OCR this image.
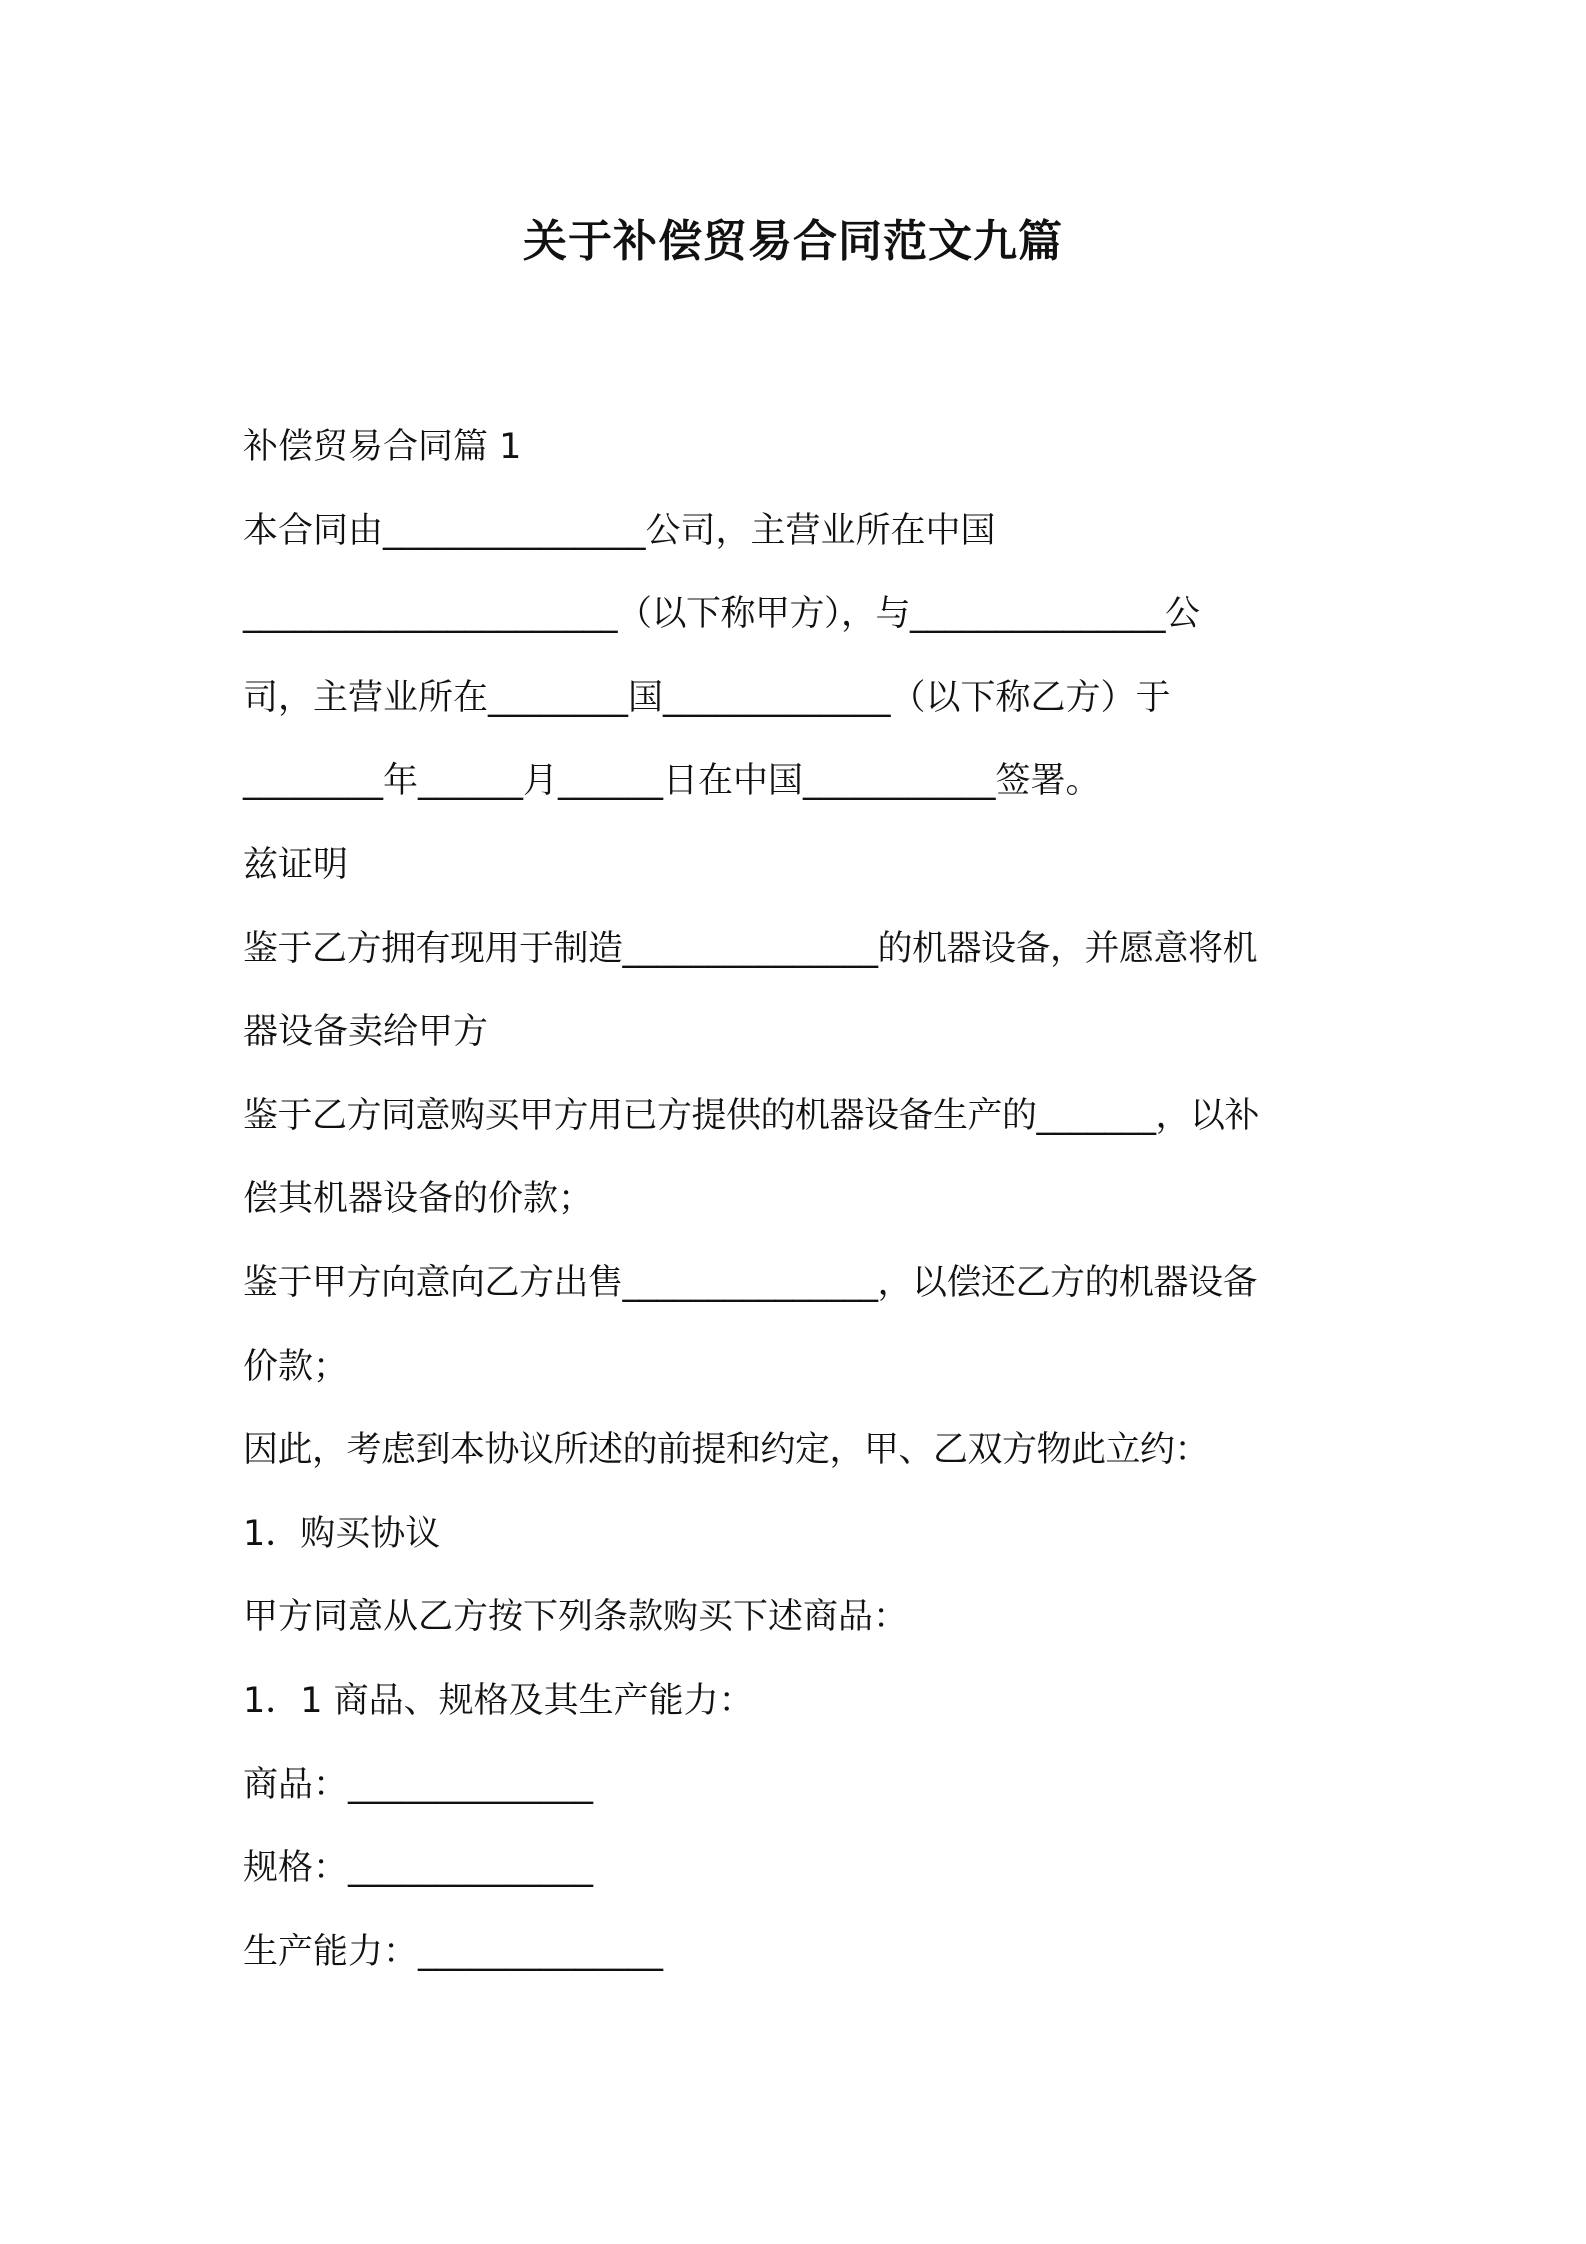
关于补偿贸易合同范文九篇
补偿贸易合同篇 1
本合同由_______________公司，主营业所在中国
______________________（以下称甲方），与_______________公
司，主营业所在________国_____________（以下称乙方）于
________年______月______日在中国___________签署。
兹证明
鉴于乙方拥有现用于制造_______________的机器设备，并愿意将机
器设备卖给甲方
鉴于乙方同意购买甲方用已方提供的机器设备生产的_______，以补
偿其机器设备的价款；
鉴于甲方向意向乙方出售_______________，以偿还乙方的机器设备
价款；
因此，考虑到本协议所述的前提和约定，甲、乙双方物此立约：
1．购买协议
甲方同意从乙方按下列条款购买下述商品：
1．1 商品、规格及其生产能力：
商品：______________
规格：______________
生产能力：______________
